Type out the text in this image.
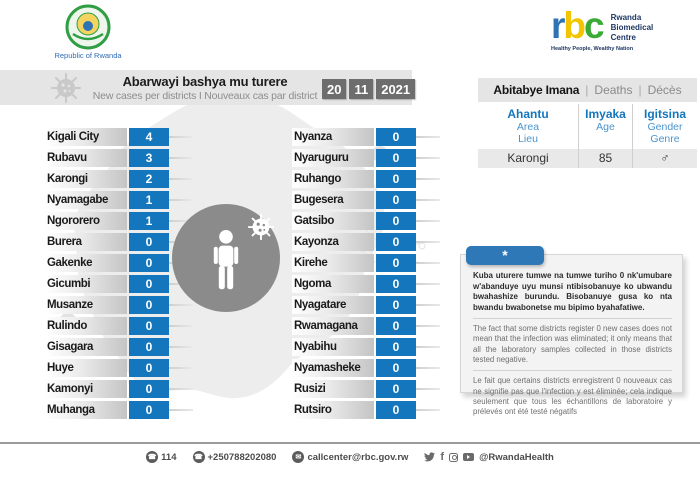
Republic of Rwanda

rbc Rwanda
Biomedical
Centre
Healthy People, Wealthy Nation
Abarwayi bashya mu turere
New cases per districts I Nouveaux cas par district 20	11	2021	Abitabye Imana | Deaths | Décès
Ahantu
Area
Lieu
Imyaka
Age
Igitsina
Gender
Genre
Karongi	85	♂
Kigali City	4
Rubavu	3
Karongi	2
Nyamagabe	1
Ngororero	1
Burera	0
Gakenke	0
Gicumbi	0
Musanze	0
Rulindo	0
Gisagara	0
Huye	0
Kamonyi	0
Muhanga	0
Nyanza	0
Nyaruguru	0
Ruhango	0
Bugesera	0
Gatsibo	0
Kayonza	0
Kirehe	0
Ngoma	0
Nyagatare	0
Rwamagana	0
Nyabihu	0
Nyamasheke	0
Rusizi	0
Rutsiro	0

Kuba uturere tumwe na tumwe turiho 0 nk'umubare w'abanduye uyu munsi ntibisobanuye ko ubwandu bwahashize burundu. Bisobanuye gusa ko nta bwandu bwabonetse mu bipimo byahafatiwe.

The fact that some districts register 0 new cases does not mean that the infection was eliminated; it only means that all the laboratory samples collected in those districts tested negative.

Le fait que certains districts enregistrent 0 nouveaux cas ne signifie pas que l'infection y est éliminée; cela indique seulement que tous les échantillons de laboratoire y prélevés ont été testé négatifs

*
☎ 114	☎ +250788202080	✉ callcenter@rbc.gov.rw	f	@RwandaHealth
